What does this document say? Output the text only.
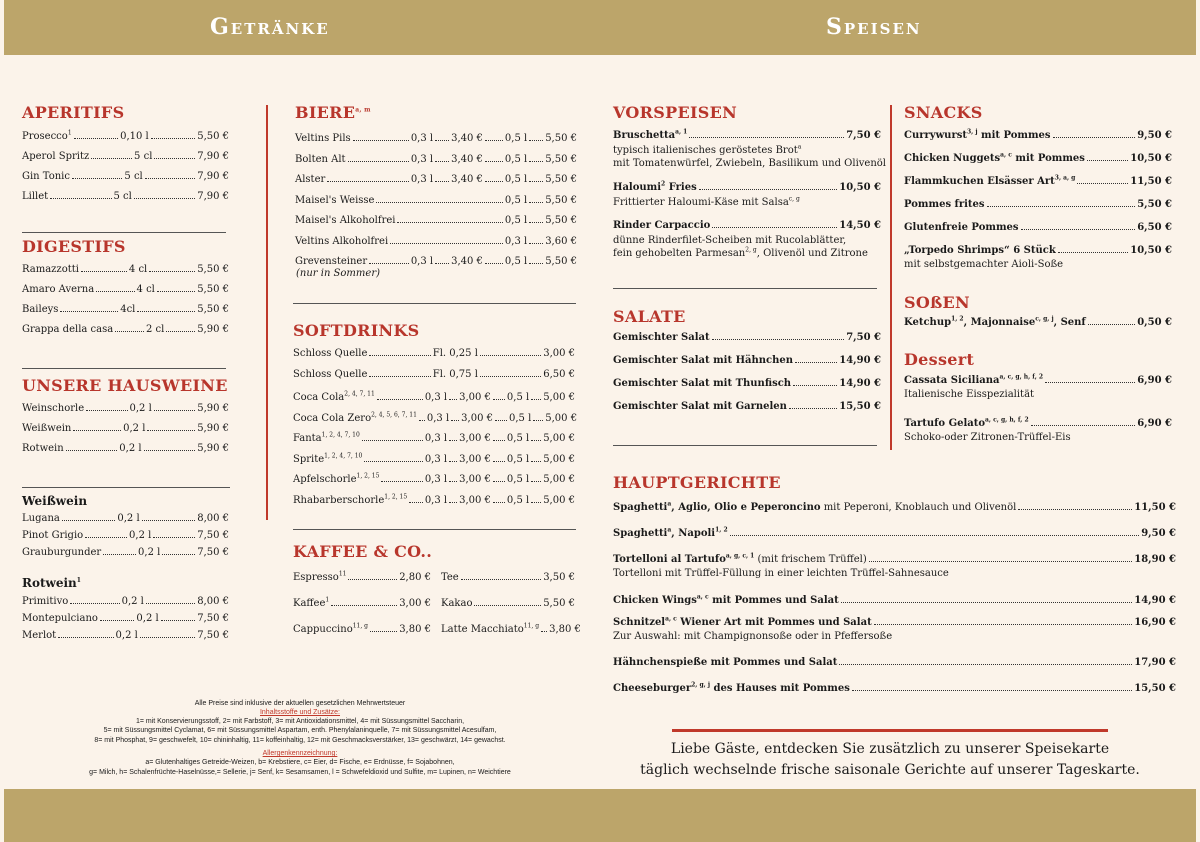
Getränke	Speisen
APERITIFS
Prosecco$^1$	0,10 l	5,50 €
Aperol Spritz	5 cl	7,90 €
Gin Tonic	5 cl	7,90 €
Lillet	5 cl	7,90 €
DIGESTIFS
Ramazzotti	4 cl	5,50 €
Amaro Averna	4 cl	5,50 €
Baileys	4cl	5,50 €
Grappa della casa	2 cl	5,90 €
UNSERE HAUSWEINE
Weinschorle	0,2 l	5,90 €
Weißwein	0,2 l	5,90 €
Rotwein	0,2 l	5,90 €
Weißwein
Lugana	0,2 l	8,00 €
Pinot Grigio	0,2 l	7,50 €
Grauburgunder	0,2 l	7,50 €
Rotwein$^1$
Primitivo	0,2 l	8,00 €
Montepulciano	0,2 l	7,50 €
Merlot	0,2 l	7,50 €
BIERE$^{a, m}$
Veltins Pils	0,3 l 3,40 € 0,5 l 5,50 €
Bolten Alt	0,3 l 3,40 € 0,5 l 5,50 €
Alster	0,3 l 3,40 € 0,5 l 5,50 €
Maisel's Weisse	0,5 l 5,50 €
Maisel's Alkoholfrei	0,5 l 5,50 €
Veltins Alkoholfrei	0,3 l 3,60 €
Grevensteiner	0,3 l 3,40 € 0,5 l 5,50 €
(nur in Sommer)
SOFTDRINKS
Schloss Quelle	Fl. 0,25 l	3,00 €
Schloss Quelle	Fl. 0,75 l	6,50 €
Coca Cola$^{2, 4, 7, 11}$	0,3 l 3,00 € 0,5 l 5,00 €
Coca Cola Zero$^{2, 4, 5, 6, 7, 11}$ 0,3 l 3,00 € 0,5 l 5,00 €
Fanta$^{1, 2, 4, 7, 10}$	0,3 l 3,00 € 0,5 l 5,00 €
Sprite$^{1, 2, 4, 7, 10}$	0,3 l 3,00 € 0,5 l 5,00 €
Apfelschorle$^{1, 2, 15}$	0,3 l 3,00 € 0,5 l 5,00 €
Rhabarberschorle$^{1, 2, 15}$ 0,3 l 3,00 € 0,5 l 5,00 €
KAFFEE & CO..
Espresso$^{11}$	2,80 € Tee	3,50 €
Kaffee$^1$	3,00 € Kakao	5,50 €
Cappuccino$^{11, g}$	3,80 € Latte Macchiato$^{11, g}$ 3,80 €
VORSPEISEN
Bruschetta$^{a, 1}$	7,50 €
typisch italienisches geröstetes Brot$^a$
mit Tomatenwürfel, Zwiebeln, Basilikum und Olivenöl
Haloumi$^2$ Fries	10,50 €
Frittierter Haloumi-Käse mit Salsa$^{c, g}$
Rinder Carpaccio	14,50 €
dünne Rinderfilet-Scheiben mit Rucolablätter,
fein gehobelten Parmesan$^{2, g}$, Olivenöl und Zitrone
SALATE
Gemischter Salat	7,50 €
Gemischter Salat mit Hähnchen	14,90 €
Gemischter Salat mit Thunfisch	14,90 €
Gemischter Salat mit Garnelen	15,50 €
SNACKS
Currywurst$^{3, j}$ mit Pommes	9,50 €
Chicken Nuggets$^{a, c}$ mit Pommes	10,50 €
Flammkuchen Elsässer Art$^{3, a, g}$	11,50 €
Pommes frites	5,50 €
Glutenfreie Pommes	6,50 €
„Torpedo Shrimps“ 6 Stück	10,50 €
mit selbstgemachter Aioli-Soße
SOßEN
Ketchup$^{1, 2}$, Majonnaise$^{c, g, j}$, Senf	0,50 €
Dessert
Cassata Siciliana$^{a, c, g, h, f, 2}$	6,90 €
Italienische Eisspezialität
Tartufo Gelato$^{a, c, g, h, f, 2}$	6,90 €
Schoko-oder Zitronen-Trüffel-Eis
HAUPTGERICHTE
Spaghetti$^a$, Aglio, Olio e Peperoncino mit Peperoni, Knoblauch und Olivenöl	11,50 €
Spaghetti$^a$, Napoli$^{1, 2}$	9,50 €
Tortelloni al Tartufo$^{a, g, c, 1}$ (mit frischem Trüffel)	18,90 €
Tortelloni mit Trüffel-Füllung in einer leichten Trüffel-Sahnesauce
Chicken Wings$^{a, c}$ mit Pommes und Salat	14,90 €
Schnitzel$^{a, c}$ Wiener Art mit Pommes und Salat	16,90 €
Zur Auswahl: mit Champignonsoße oder in Pfeffersoße
Hähnchenspieße mit Pommes und Salat	17,90 €
Cheeseburger$^{2, g, j}$ des Hauses mit Pommes	15,50 €
Liebe Gäste, entdecken Sie zusätzlich zu unserer Speisekarte
täglich wechselnde frische saisonale Gerichte auf unserer Tageskarte.
Alle Preise sind inklusive der aktuellen gesetzlichen Mehrwertsteuer
Inhaltsstoffe und Zusätze:
1= mit Konservierungsstoff, 2= mit Farbstoff, 3= mit Antioxidationsmittel, 4= mit Süssungsmittel Saccharin,
5= mit Süssungsmittel Cyclamat, 6= mit Süssungsmittel Aspartam, enth. Phenylalaninquelle, 7= mit Süssungsmittel Acesulfam,
8= mit Phosphat, 9= geschwefelt, 10= chininhaltig, 11= koffeinhaltig, 12= mit Geschmacksverstärker, 13= geschwärzt, 14= gewachst.
Allergenkennzeichnung:
a= Glutenhaltiges Getreide-Weizen, b= Krebstiere, c= Eier, d= Fische, e= Erdnüsse, f= Sojabohnen,
g= Milch, h= Schalenfrüchte-Haselnüsse,= Sellerie, j= Senf, k= Sesamsamen, l = Schwefeldioxid und Sulfite, m= Lupinen, n= Weichtiere
